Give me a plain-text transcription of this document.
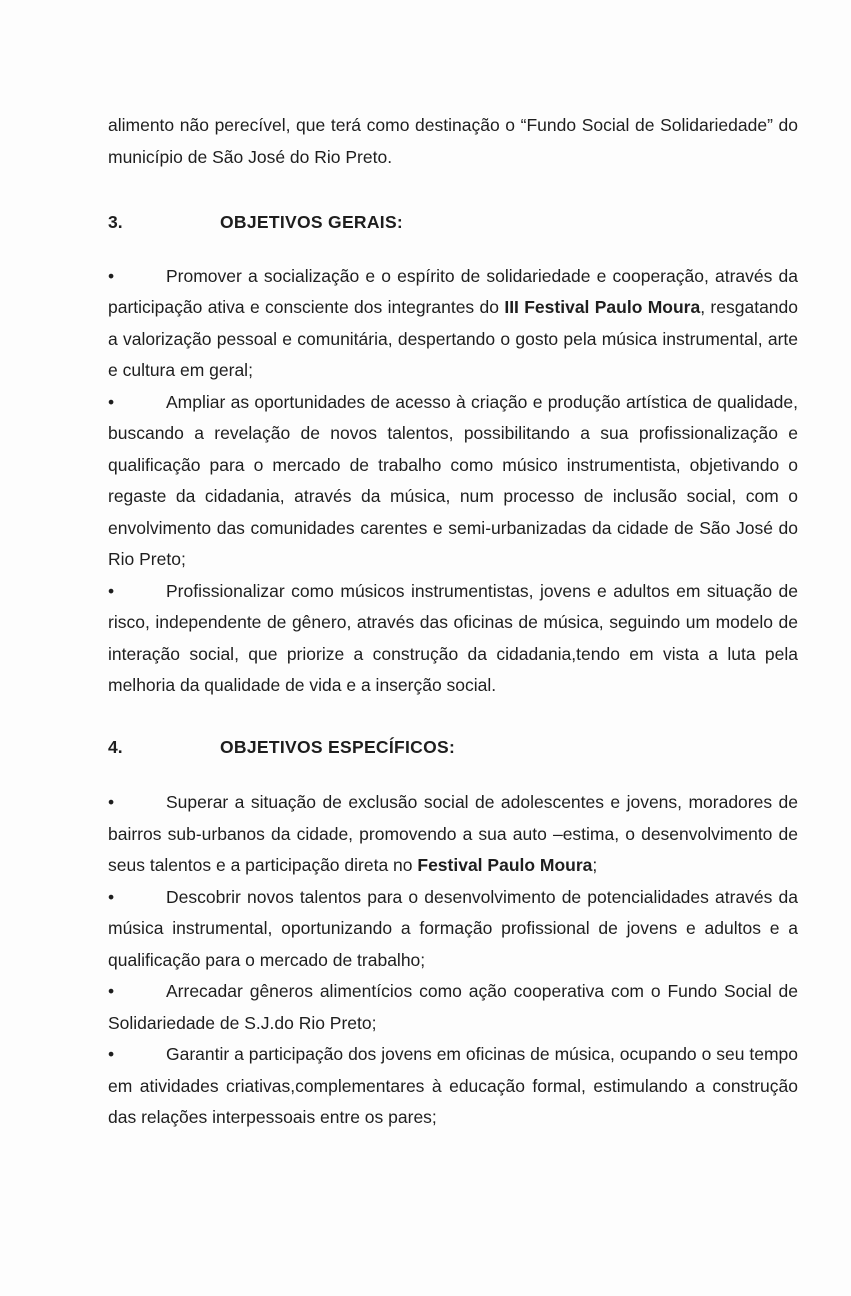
alimento não perecível, que terá como destinação o “Fundo Social de Solidariedade” do município de São José do Rio Preto.

3.	OBJETIVOS GERAIS:

•	Promover a socialização e o espírito de solidariedade e cooperação, através da participação ativa e consciente dos integrantes do III Festival Paulo Moura, resgatando a valorização pessoal e comunitária, despertando o gosto pela música instrumental, arte e cultura em geral;

•	Ampliar as oportunidades de acesso à criação e produção artística de qualidade, buscando a revelação de novos talentos, possibilitando a sua profissionalização e qualificação para o mercado de trabalho como músico instrumentista, objetivando o regaste da cidadania, através da música, num processo de inclusão social, com o envolvimento das comunidades carentes e semi-urbanizadas da cidade de São José do Rio Preto;

•	Profissionalizar como músicos instrumentistas, jovens e adultos em situação de risco, independente de gênero, através das oficinas de música, seguindo um modelo de interação social, que priorize a construção da cidadania,tendo em vista a luta pela melhoria da qualidade de vida e a inserção social.

4.	OBJETIVOS ESPECÍFICOS:

•	Superar a situação de exclusão social de adolescentes e jovens, moradores de bairros sub-urbanos da cidade, promovendo a sua auto –estima, o desenvolvimento de seus talentos e a participação direta no Festival Paulo Moura;

•	Descobrir novos talentos para o desenvolvimento de potencialidades através da música instrumental, oportunizando a formação profissional de jovens e adultos e a qualificação para o mercado de trabalho;

•	Arrecadar gêneros alimentícios como ação cooperativa com o Fundo Social de Solidariedade de S.J.do Rio Preto;

•	Garantir a participação dos jovens em oficinas de música, ocupando o seu tempo em atividades criativas,complementares à educação formal, estimulando a construção das relações interpessoais entre os pares;
